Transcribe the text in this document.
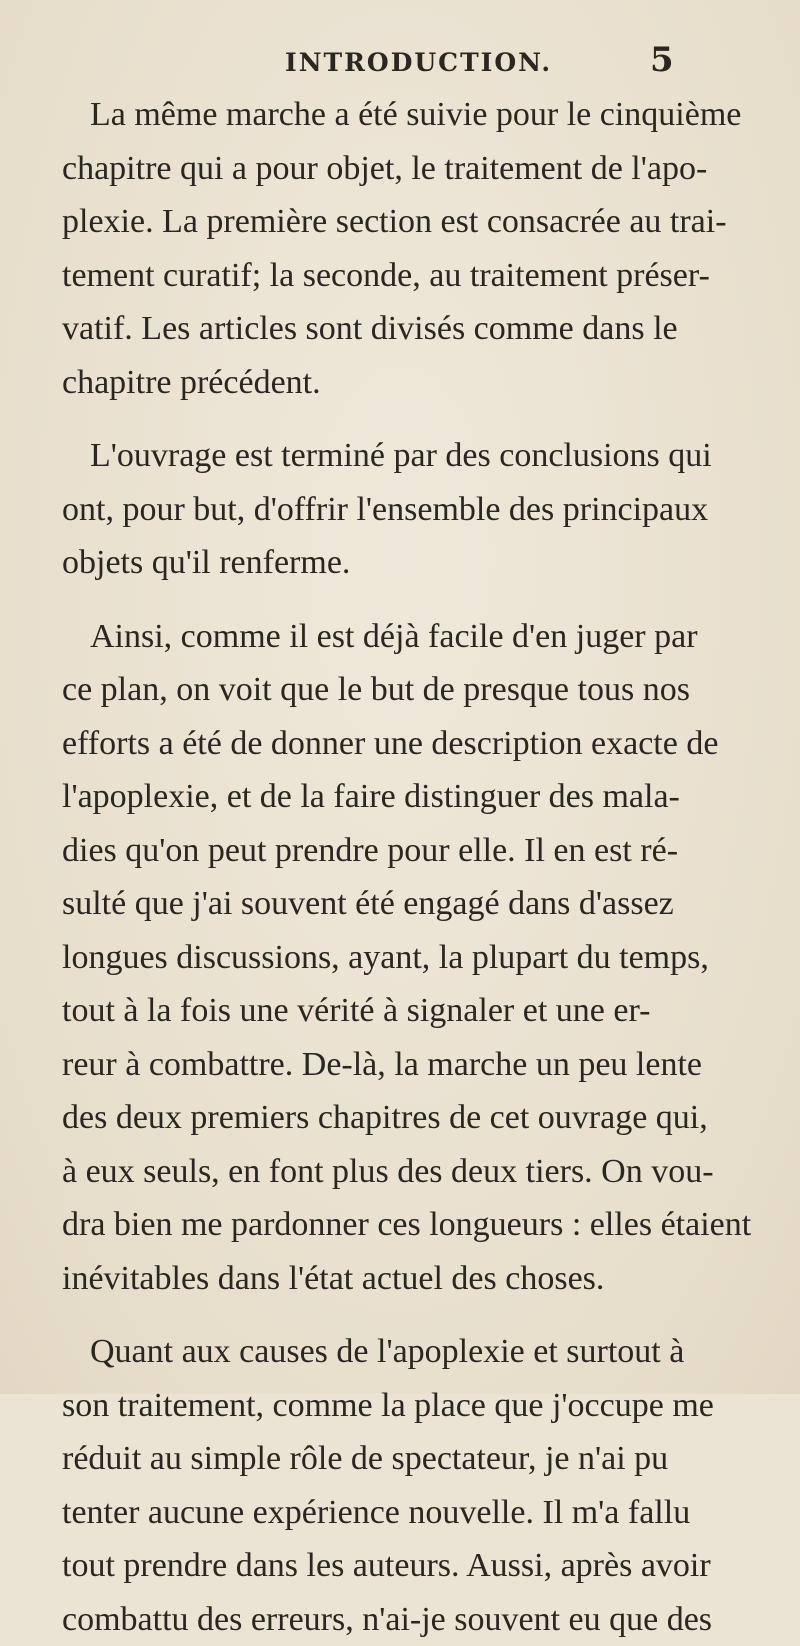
INTRODUCTION.	5

La même marche a été suivie pour le cinquième
chapitre qui a pour objet, le traitement de l'apo-
plexie. La première section est consacrée au trai-
tement curatif; la seconde, au traitement préser-
vatif. Les articles sont divisés comme dans le
chapitre précédent.

L'ouvrage est terminé par des conclusions qui
ont, pour but, d'offrir l'ensemble des principaux
objets qu'il renferme.

Ainsi, comme il est déjà facile d'en juger par
ce plan, on voit que le but de presque tous nos
efforts a été de donner une description exacte de
l'apoplexie, et de la faire distinguer des mala-
dies qu'on peut prendre pour elle. Il en est ré-
sulté que j'ai souvent été engagé dans d'assez
longues discussions, ayant, la plupart du temps,
tout à la fois une vérité à signaler et une er-
reur à combattre. De-là, la marche un peu lente
des deux premiers chapitres de cet ouvrage qui,
à eux seuls, en font plus des deux tiers. On vou-
dra bien me pardonner ces longueurs : elles étaient
inévitables dans l'état actuel des choses.

Quant aux causes de l'apoplexie et surtout à
son traitement, comme la place que j'occupe me
réduit au simple rôle de spectateur, je n'ai pu
tenter aucune expérience nouvelle. Il m'a fallu
tout prendre dans les auteurs. Aussi, après avoir
combattu des erreurs, n'ai-je souvent eu que des
